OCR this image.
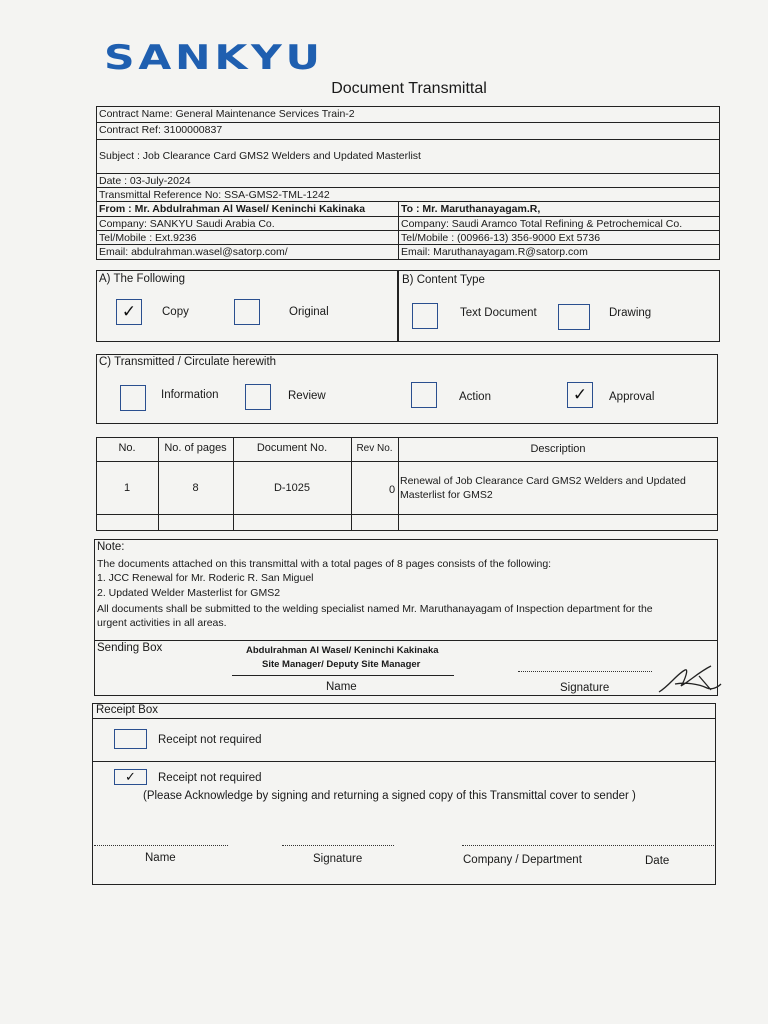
SANKYU
Document Transmittal
Contract Name: General Maintenance Services Train-2
Contract Ref: 3100000837
Subject : Job Clearance Card GMS2 Welders and Updated Masterlist
Date : 03-July-2024
Transmittal Reference No: SSA-GMS2-TML-1242
From : Mr. Abdulrahman Al Wasel/ Keninchi Kakinaka
Company: SANKYU Saudi Arabia Co.
Tel/Mobile : Ext.9236
Email: abdulrahman.wasel@satorp.com/
To : Mr. Maruthanayagam.R,
Company: Saudi Aramco Total Refining & Petrochemical Co.
Tel/Mobile : (00966-13) 356-9000 Ext 5736
Email: Maruthanayagam.R@satorp.com
A) The Following
✓	Copy	Original
B) Content Type
Text Document	Drawing
C) Transmitted / Circulate herewith
Information	Review	Action	✓	Approval
No.	No. of pages	Document No.	Rev No.	Description
1	8	D-1025	0
Renewal of Job Clearance Card GMS2 Welders and Updated
Masterlist for GMS2
Note:
The documents attached on this transmittal with a total pages of 8 pages consists of the following:
1. JCC Renewal for Mr. Roderic R. San Miguel
2. Updated Welder Masterlist for GMS2
All documents shall be submitted to the welding specialist named Mr. Maruthanayagam of Inspection department for the
urgent activities in all areas.
Sending Box	Abdulrahman Al Wasel/ Keninchi Kakinaka
Site Manager/ Deputy Site Manager
Name	Signature
Receipt Box
Receipt not required
✓	Receipt not required
(Please Acknowledge by signing and returning a signed copy of this Transmittal cover to sender )
Name	Signature	Company / Department	Date
